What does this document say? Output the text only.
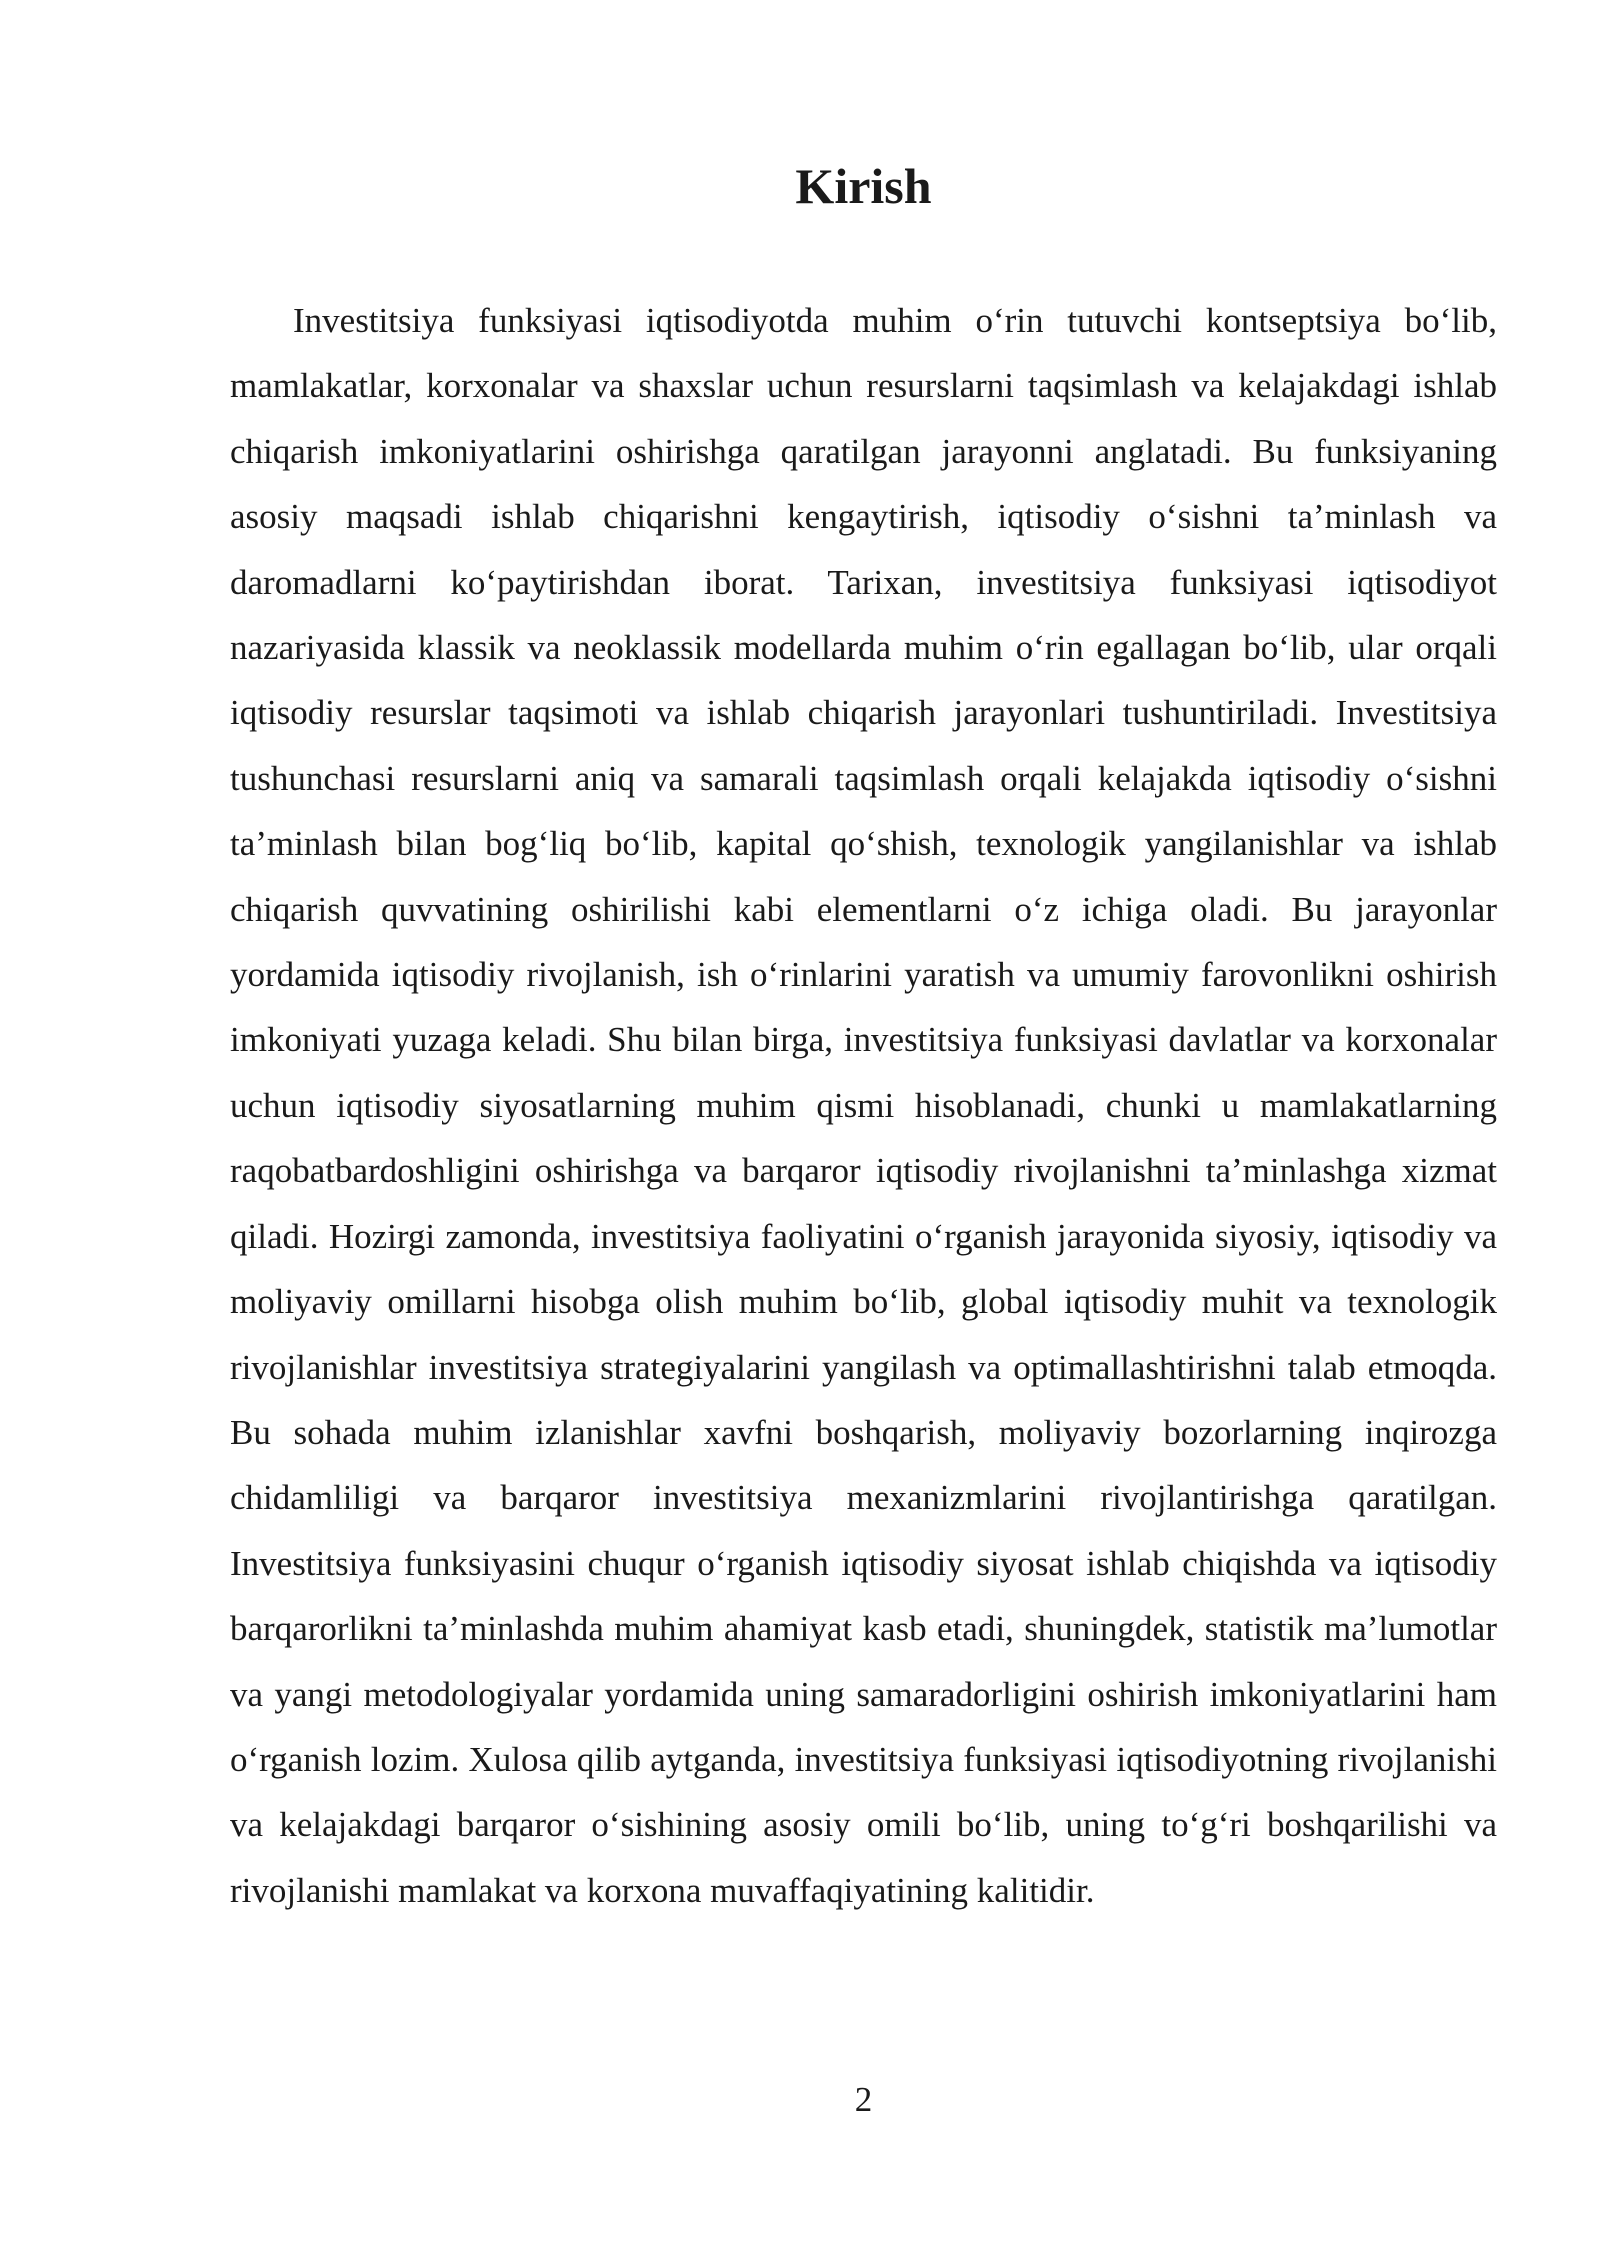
Kirish

Investitsiya funksiyasi iqtisodiyotda muhim o‘rin tutuvchi kontseptsiya bo‘lib, mamlakatlar, korxonalar va shaxslar uchun resurslarni taqsimlash va kelajakdagi ishlab chiqarish imkoniyatlarini oshirishga qaratilgan jarayonni anglatadi. Bu funksiyaning asosiy maqsadi ishlab chiqarishni kengaytirish, iqtisodiy o‘sishni ta’minlash va daromadlarni ko‘paytirishdan iborat. Tarixan, investitsiya funksiyasi iqtisodiyot nazariyasida klassik va neoklassik modellarda muhim o‘rin egallagan bo‘lib, ular orqali iqtisodiy resurslar taqsimoti va ishlab chiqarish jarayonlari tushuntiriladi. Investitsiya tushunchasi resurslarni aniq va samarali taqsimlash orqali kelajakda iqtisodiy o‘sishni ta’minlash bilan bog‘liq bo‘lib, kapital qo‘shish, texnologik yangilanishlar va ishlab chiqarish quvvatining oshirilishi kabi elementlarni o‘z ichiga oladi. Bu jarayonlar yordamida iqtisodiy rivojlanish, ish o‘rinlarini yaratish va umumiy farovonlikni oshirish imkoniyati yuzaga keladi. Shu bilan birga, investitsiya funksiyasi davlatlar va korxonalar uchun iqtisodiy siyosatlarning muhim qismi hisoblanadi, chunki u mamlakatlarning raqobatbardoshligini oshirishga va barqaror iqtisodiy rivojlanishni ta’minlashga xizmat qiladi. Hozirgi zamonda, investitsiya faoliyatini o‘rganish jarayonida siyosiy, iqtisodiy va moliyaviy omillarni hisobga olish muhim bo‘lib, global iqtisodiy muhit va texnologik rivojlanishlar investitsiya strategiyalarini yangilash va optimallashtirishni talab etmoqda. Bu sohada muhim izlanishlar xavfni boshqarish, moliyaviy bozorlarning inqirozga chidamliligi va barqaror investitsiya mexanizmlarini rivojlantirishga qaratilgan. Investitsiya funksiyasini chuqur o‘rganish iqtisodiy siyosat ishlab chiqishda va iqtisodiy barqarorlikni ta’minlashda muhim ahamiyat kasb etadi, shuningdek, statistik ma’lumotlar va yangi metodologiyalar yordamida uning samaradorligini oshirish imkoniyatlarini ham o‘rganish lozim. Xulosa qilib aytganda, investitsiya funksiyasi iqtisodiyotning rivojlanishi va kelajakdagi barqaror o‘sishining asosiy omili bo‘lib, uning to‘g‘ri boshqarilishi va rivojlanishi mamlakat va korxona muvaffaqiyatining kalitidir.

2
